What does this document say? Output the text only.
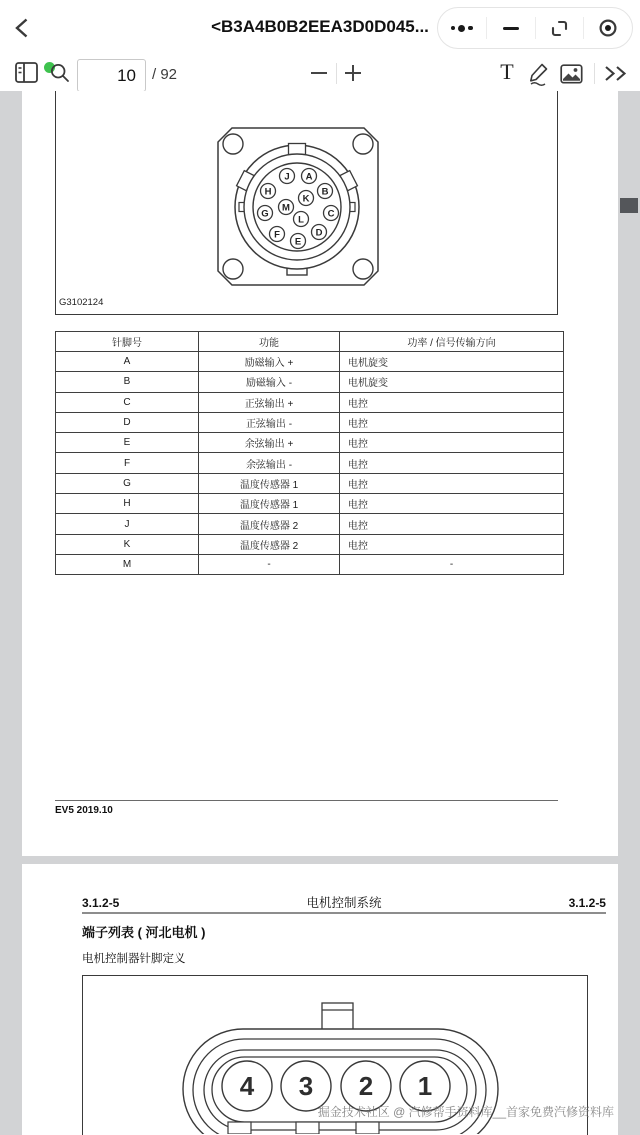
<B3A4B0B2EEA3D0D045...
10
/ 92	T
A
B
C
D
E
F
G
H
J
K
L
M
G3102124
针脚号	功能	功率 / 信号传输方向
A	励磁输入 +	电机旋变
B	励磁输入 -	电机旋变
C	正弦输出 +	电控
D	正弦输出 -	电控
E	余弦输出 +	电控
F	余弦输出 -	电控
G	温度传感器 1	电控
H	温度传感器 1	电控
J	温度传感器 2	电控
K	温度传感器 2	电控
M	-	-
EV5 2019.10
3.1.2-5	电机控制系统	3.1.2-5
端子列表 ( 河北电机 )
电机控制器针脚定义
4 3 2 1
掘金技术社区 @ 汽修帮手资料库__首家免费汽修资料库
